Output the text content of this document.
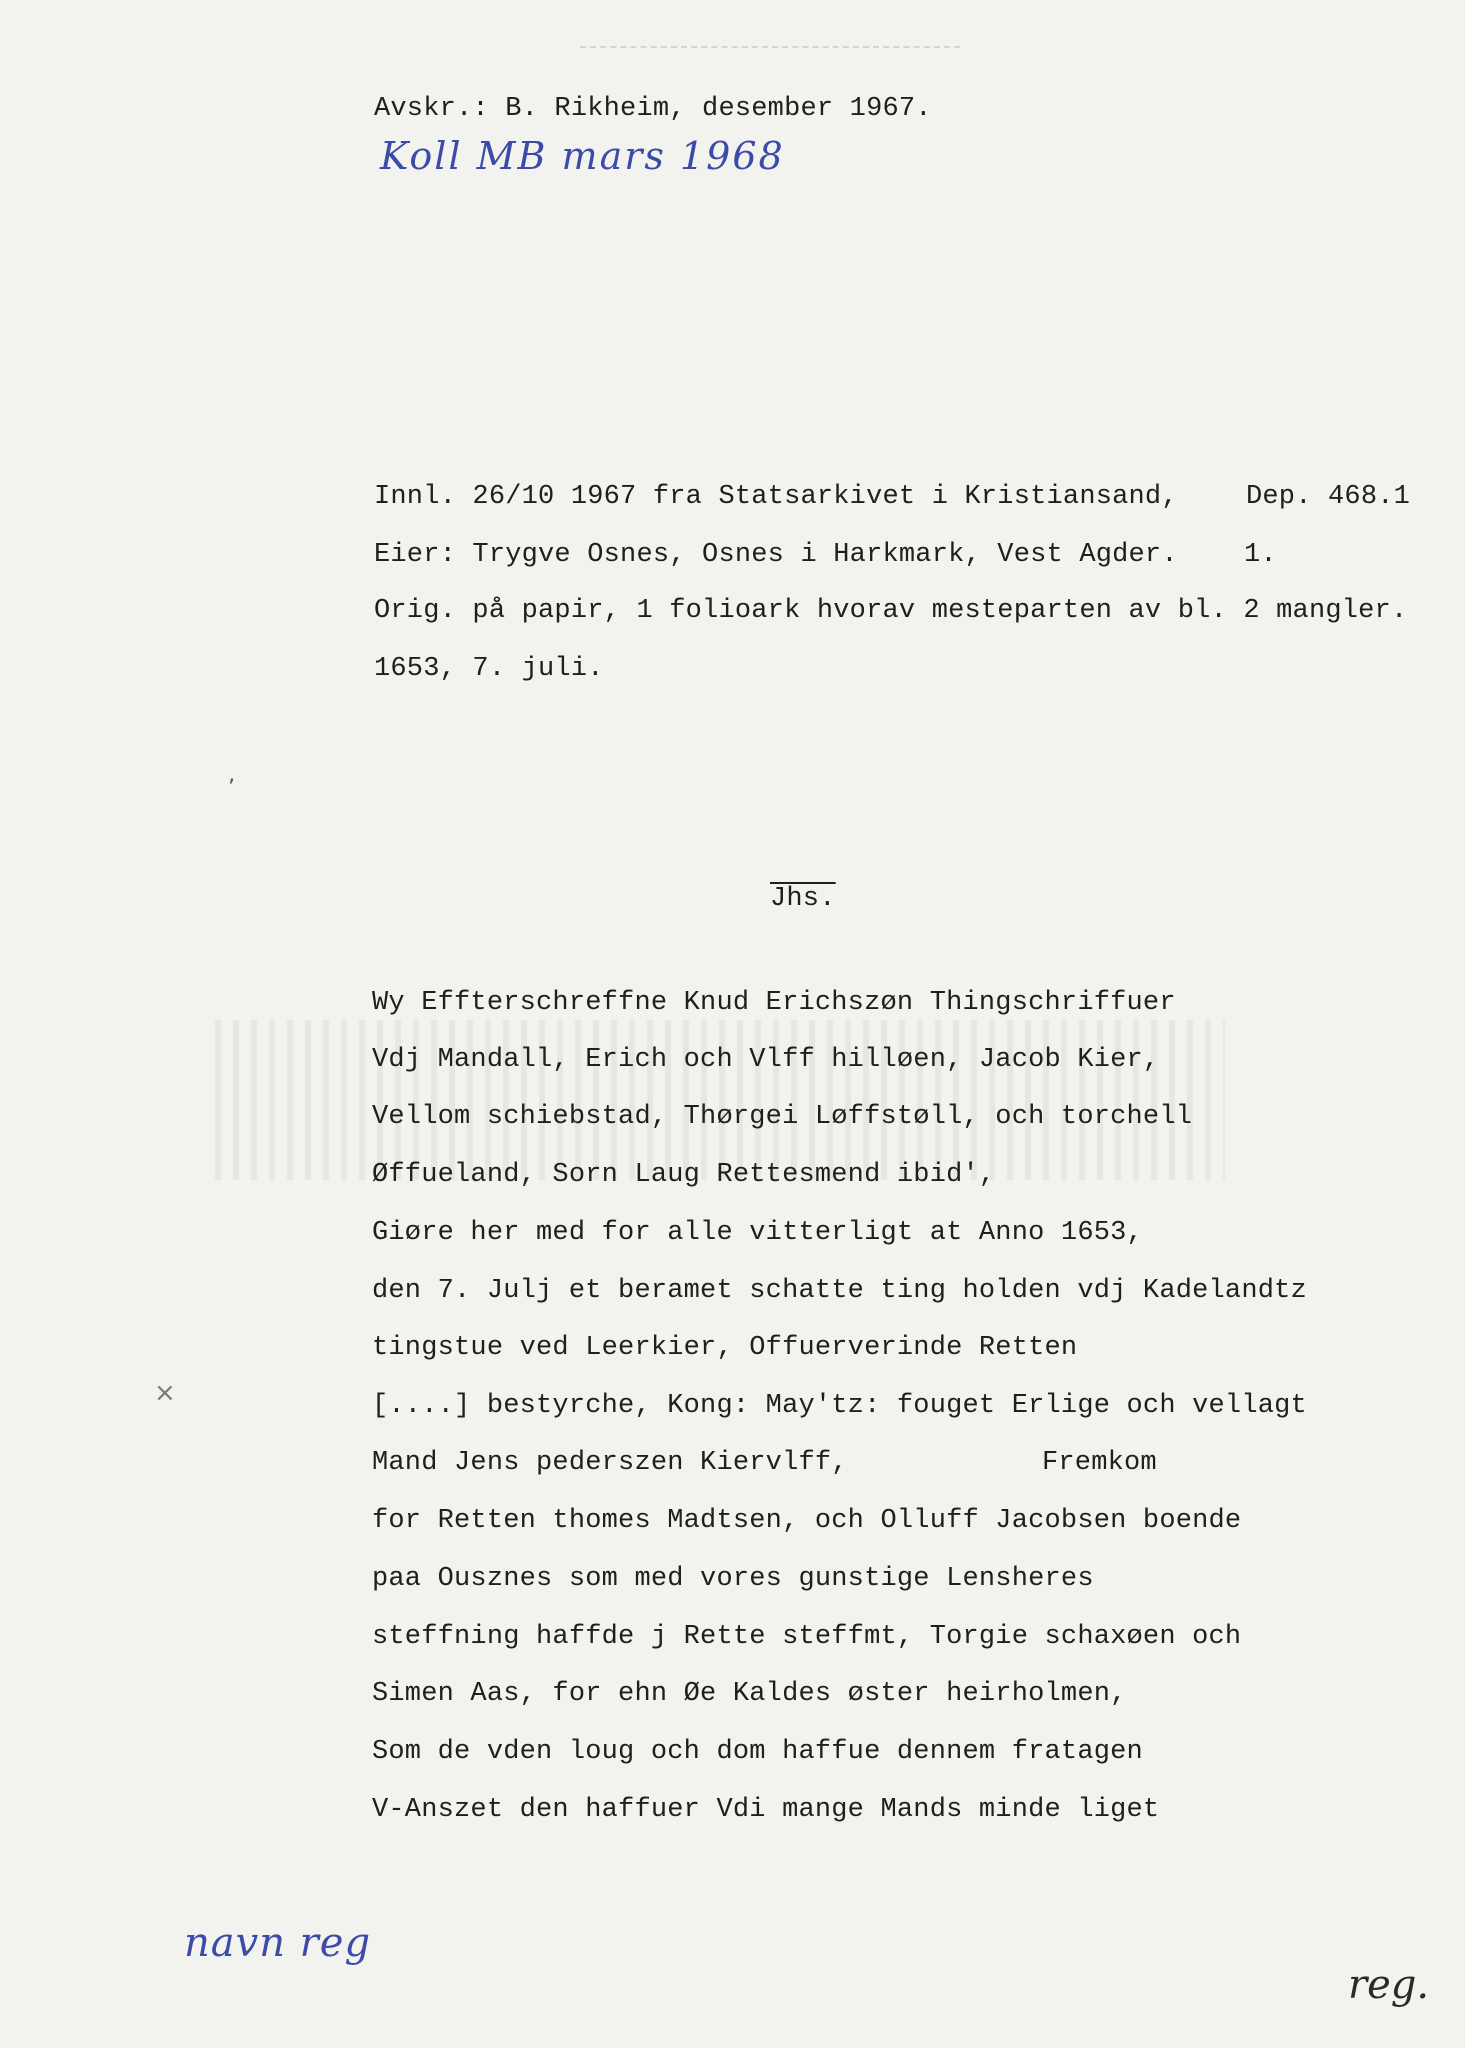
Avskr.: B. Rikheim, desember 1967.
Koll MB mars 1968
Innl. 26/10 1967 fra Statsarkivet i Kristiansand,	Dep. 468.1
Eier: Trygve Osnes, Osnes i Harkmark, Vest Agder. 1.
Orig. på papir, 1 folioark hvorav mesteparten av bl. 2 mangler.
1653, 7. juli.
’
Jhs.
Wy Effterschreffne Knud Erichszøn Thingschriffuer
Vdj Mandall, Erich och Vlff hilløen, Jacob Kier,
Vellom schiebstad, Thørgei Løffstøll, och torchell
Øffueland, Sorn Laug Rettesmend ibid',
Giøre her med for alle vitterligt at Anno 1653,
den 7. Julj et beramet schatte ting holden vdj Kadelandtz
tingstue ved Leerkier, Offuerverinde Retten
[....] bestyrche, Kong: May'tz: fouget Erlige och vellagt
Mand Jens pederszen Kiervlff,	Fremkom
for Retten thomes Madtsen, och Olluff Jacobsen boende
paa Ousznes som med vores gunstige Lensheres
steffning haffde j Rette steffmt, Torgie schaxøen och
Simen Aas, for ehn Øe Kaldes øster heirholmen,
Som de vden loug och dom haffue dennem fratagen
V-Anszet den haffuer Vdi mange Mands minde liget
×
navn reg
reg.
